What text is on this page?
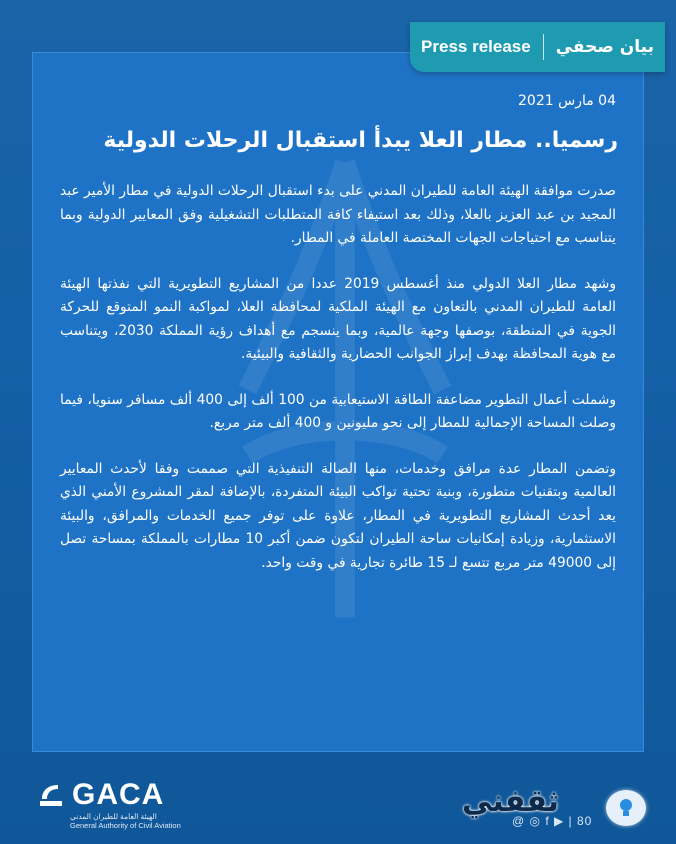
Press release بيان صحفي
04 مارس 2021
رسميا.. مطار العلا يبدأ استقبال الرحلات الدولية

صدرت موافقة الهيئة العامة للطيران المدني على بدء استقبال الرحلات الدولية في مطار الأمير عبد المجيد بن عبد العزيز بالعلا، وذلك بعد استيفاء كافة المتطلبات التشغيلية وفق المعايير الدولية وبما يتناسب مع احتياجات الجهات المختصة العاملة في المطار.

وشهد مطار العلا الدولي منذ أغسطس 2019 عددا من المشاريع التطويرية التي نفذتها الهيئة العامة للطيران المدني بالتعاون مع الهيئة الملكية لمحافظة العلا، لمواكبة النمو المتوقع للحركة الجوية في المنطقة، بوصفها وجهة عالمية، وبما ينسجم مع أهداف رؤية المملكة 2030، ويتناسب مع هوية المحافظة بهدف إبراز الجوانب الحضارية والثقافية والبيئية.

وشملت أعمال التطوير مضاعفة الطاقة الاستيعابية من 100 ألف إلى 400 ألف مسافر سنويا، فيما وصلت المساحة الإجمالية للمطار إلى نحو مليونين و 400 ألف متر مربع.

وتضمن المطار عدة مرافق وخدمات، منها الصالة التنفيذية التي صممت وفقا لأحدث المعايير العالمية وبتقنيات متطورة، وبنية تحتية تواكب البيئة المتفردة، بالإضافة لمقر المشروع الأمني الذي يعد أحدث المشاريع التطويرية في المطار، علاوة على توفر جميع الخدمات والمرافق، والبيئة الاستثمارية، وزيادة إمكانيات ساحة الطيران لتكون ضمن أكبر 10 مطارات بالمملكة بمساحة تصل إلى 49000 متر مربع تتسع لـ 15 طائرة تجارية في وقت واحد.

GACA
الهيئة العامة للطيران المدني
General Authority of Civil Aviation	@ ◎ f ▶ | 80
ثقفني
